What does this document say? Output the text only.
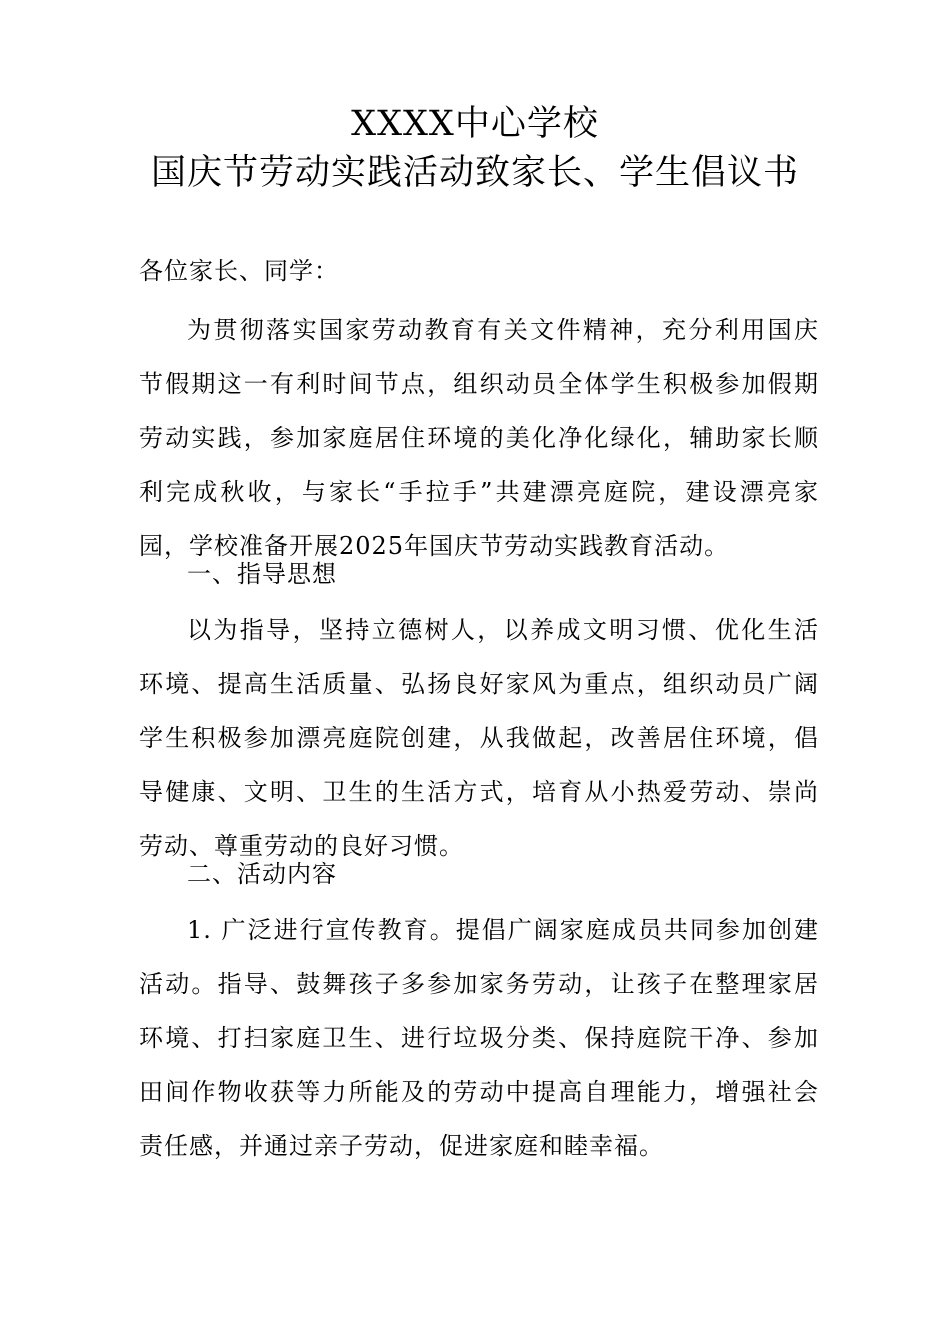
XXXX中心学校
国庆节劳动实践活动致家长、学生倡议书
各位家长、同学：

为贯彻落实国家劳动教育有关文件精神，充分利用国庆 节假期这一有利时间节点，组织动员全体学生积极参加假期 劳动实践，参加家庭居住环境的美化净化绿化，辅助家长顺 利完成秋收，与家长“手拉手”共建漂亮庭院，建设漂亮家 园，学校准备开展2025年国庆节劳动实践教育活动。

一、指导思想

以为指导，坚持立德树人，以养成文明习惯、优化生活 环境、提高生活质量、弘扬良好家风为重点，组织动员广阔 学生积极参加漂亮庭院创建，从我做起，改善居住环境，倡 导健康、文明、卫生的生活方式，培育从小热爱劳动、崇尚 劳动、尊重劳动的良好习惯。

二、活动内容

1. 广泛进行宣传教育。提倡广阔家庭成员共同参加创建 活动。指导、鼓舞孩子多参加家务劳动，让孩子在整理家居 环境、打扫家庭卫生、进行垃圾分类、保持庭院干净、参加 田间作物收获等力所能及的劳动中提高自理能力，增强社会 责任感，并通过亲子劳动，促进家庭和睦幸福。
